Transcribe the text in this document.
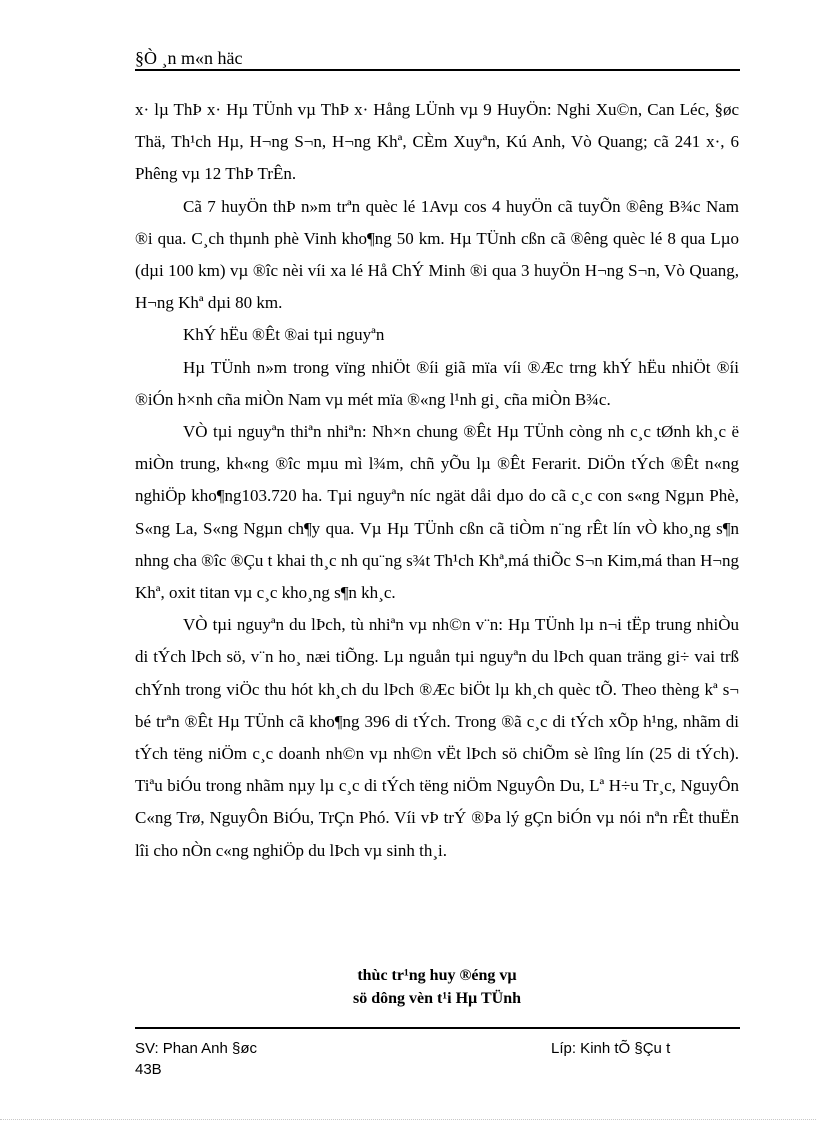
§Ò ¸n m«n häc

x· lµ ThÞ x· Hµ TÜnh vµ ThÞ x· Hång LÜnh vµ 9 HuyÖn: Nghi Xu©n, Can Léc, §øc Thä, Th¹ch Hµ, H¬ng S¬n, H¬ng Khª, CÈm Xuyªn, Kú Anh, Vò Quang; cã 241 x·, 6 Phêng vµ 12 ThÞ TrÊn.

Cã 7 huyÖn thÞ n»m trªn quèc lé 1Avµ cos 4 huyÖn cã tuyÕn ®êng B¾c Nam ®i qua. C¸ch thµnh phè Vinh kho¶ng 50 km. Hµ TÜnh cßn cã ®êng quèc lé 8 qua Lµo (dµi 100 km) vµ ®îc nèi víi xa lé Hå ChÝ Minh ®i qua 3 huyÖn H¬ng S¬n, Vò Quang, H¬ng Khª dµi 80 km.

KhÝ hËu ®Êt ®ai tµi nguyªn

Hµ TÜnh n»m trong vïng nhiÖt ®íi giã mïa víi ®Æc trng khÝ hËu nhiÖt ®íi ®iÓn h×nh cña miÒn Nam vµ mét mïa ®«ng l¹nh gi¸ cña miÒn B¾c.

VÒ tµi nguyªn thiªn nhiªn: Nh×n chung ®Êt Hµ TÜnh còng nh c¸c tØnh kh¸c ë miÒn trung, kh«ng ®îc mµu mì l¾m, chñ yÕu lµ ®Êt Ferarit. DiÖn tÝch ®Êt n«ng nghiÖp kho¶ng103.720 ha. Tµi nguyªn níc ngät dåi dµo do cã c¸c con s«ng Ngµn Phè, S«ng La, S«ng Ngµn ch¶y qua. Vµ Hµ TÜnh cßn cã tiÒm n¨ng rÊt lín vÒ kho¸ng s¶n nhng cha ®îc ®Çu t khai th¸c nh qu¨ng s¾t Th¹ch Khª,má thiÕc S¬n Kim,má than H¬ng Khª, oxit titan vµ c¸c kho¸ng s¶n kh¸c.

VÒ tµi nguyªn du lÞch, tù nhiªn vµ nh©n v¨n: Hµ TÜnh lµ n¬i tËp trung nhiÒu di tÝch lÞch sö, v¨n ho¸ næi tiÕng. Lµ nguån tµi nguyªn du lÞch quan träng gi÷ vai trß chÝnh trong viÖc thu hót kh¸ch du lÞch ®Æc biÖt lµ kh¸ch quèc tÕ. Theo thèng kª s¬ bé trªn ®Êt Hµ TÜnh cã kho¶ng 396 di tÝch. Trong ®ã c¸c di tÝch xÕp h¹ng, nhãm di tÝch tëng niÖm c¸c doanh nh©n vµ nh©n vËt lÞch sö chiÕm sè lîng lín (25 di tÝch). Tiªu biÓu trong nhãm nµy lµ c¸c di tÝch tëng niÖm NguyÔn Du, Lª H÷u Tr¸c, NguyÔn C«ng Trø, NguyÔn BiÓu, TrÇn Phó. Víi vÞ trÝ ®Þa lý gÇn biÓn vµ nói nªn rÊt thuËn lîi cho nÒn c«ng nghiÖp du lÞch vµ sinh th¸i.

thùc tr¹ng huy ®éng vµ
sö dông vèn t¹i Hµ TÜnh
SV: Phan Anh §øc
43B
Líp: Kinh tÕ §Çu t
